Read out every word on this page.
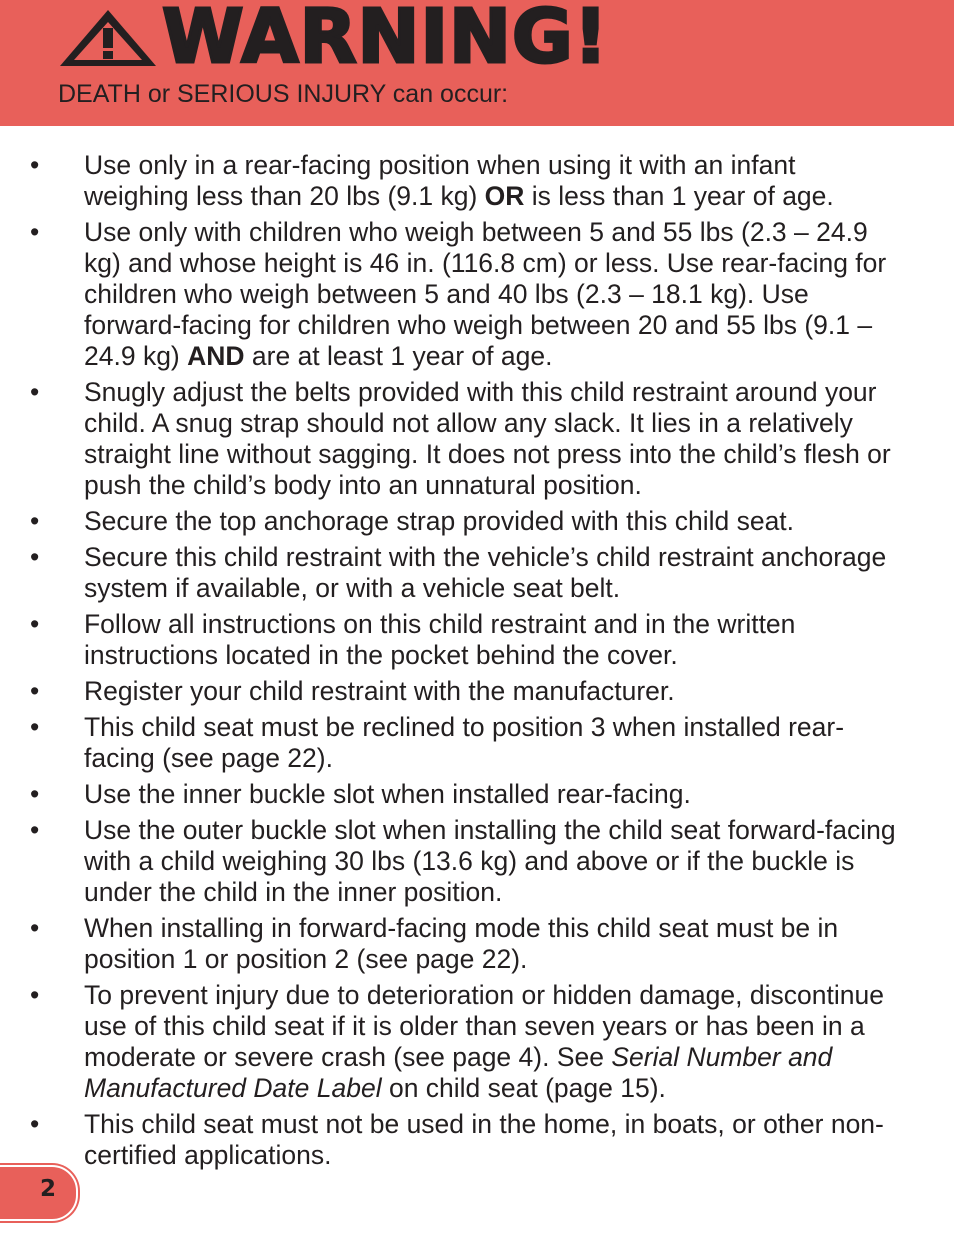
WARNING!
DEATH or SERIOUS INJURY can occur:
• Use only in a rear-facing position when using it with an infant weighing less than 20 lbs (9.1 kg) OR is less than 1 year of age.
• Use only with children who weigh between 5 and 55 lbs (2.3 – 24.9 kg) and whose height is 46 in. (116.8 cm) or less. Use rear-facing for children who weigh between 5 and 40 lbs (2.3 – 18.1 kg). Use forward-facing for children who weigh between 20 and 55 lbs (9.1 – 24.9 kg) AND are at least 1 year of age.
• Snugly adjust the belts provided with this child restraint around your child. A snug strap should not allow any slack. It lies in a relatively straight line without sagging. It does not press into the child’s flesh or push the child’s body into an unnatural position.
• Secure the top anchorage strap provided with this child seat.
• Secure this child restraint with the vehicle’s child restraint anchorage system if available, or with a vehicle seat belt.
• Follow all instructions on this child restraint and in the written instructions located in the pocket behind the cover.
• Register your child restraint with the manufacturer.
• This child seat must be reclined to position 3 when installed rear-facing (see page 22).
• Use the inner buckle slot when installed rear-facing.
• Use the outer buckle slot when installing the child seat forward-facing with a child weighing 30 lbs (13.6 kg) and above or if the buckle is under the child in the inner position.
• When installing in forward-facing mode this child seat must be in position 1 or position 2 (see page 22).
• To prevent injury due to deterioration or hidden damage, discontinue use of this child seat if it is older than seven years or has been in a moderate or severe crash (see page 4). See Serial Number and Manufactured Date Label on child seat (page 15).
• This child seat must not be used in the home, in boats, or other non-certified applications.
2
